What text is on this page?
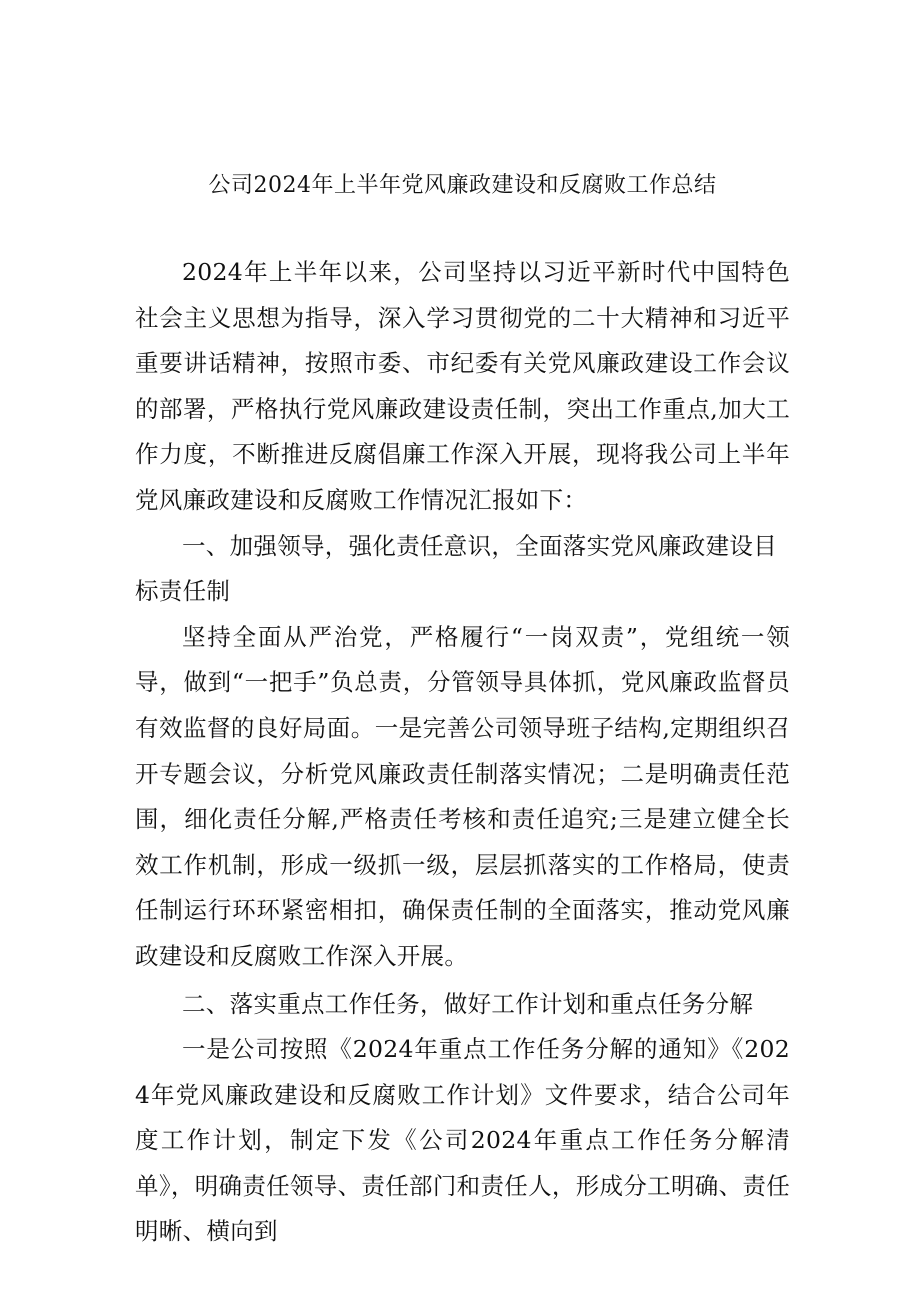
公司2024年上半年党风廉政建设和反腐败工作总结

2024年上半年以来，公司坚持以习近平新时代中国特色社会主义思想为指导，深入学习贯彻党的二十大精神和习近平重要讲话精神，按照市委、市纪委有关党风廉政建设工作会议的部署，严格执行党风廉政建设责任制，突出工作重点,加大工作力度，不断推进反腐倡廉工作深入开展，现将我公司上半年党风廉政建设和反腐败工作情况汇报如下：

一、加强领导，强化责任意识，全面落实党风廉政建设目标责任制

坚持全面从严治党，严格履行“一岗双责”，党组统一领导，做到“一把手”负总责，分管领导具体抓，党风廉政监督员有效监督的良好局面。一是完善公司领导班子结构,定期组织召开专题会议，分析党风廉政责任制落实情况；二是明确责任范围，细化责任分解,严格责任考核和责任追究;三是建立健全长效工作机制，形成一级抓一级，层层抓落实的工作格局，使责任制运行环环紧密相扣，确保责任制的全面落实，推动党风廉政建设和反腐败工作深入开展。

二、落实重点工作任务，做好工作计划和重点任务分解

一是公司按照《2024年重点工作任务分解的通知》《2024年党风廉政建设和反腐败工作计划》文件要求，结合公司年度工作计划，制定下发《公司2024年重点工作任务分解清单》，明确责任领导、责任部门和责任人，形成分工明确、责任明晰、横向到
